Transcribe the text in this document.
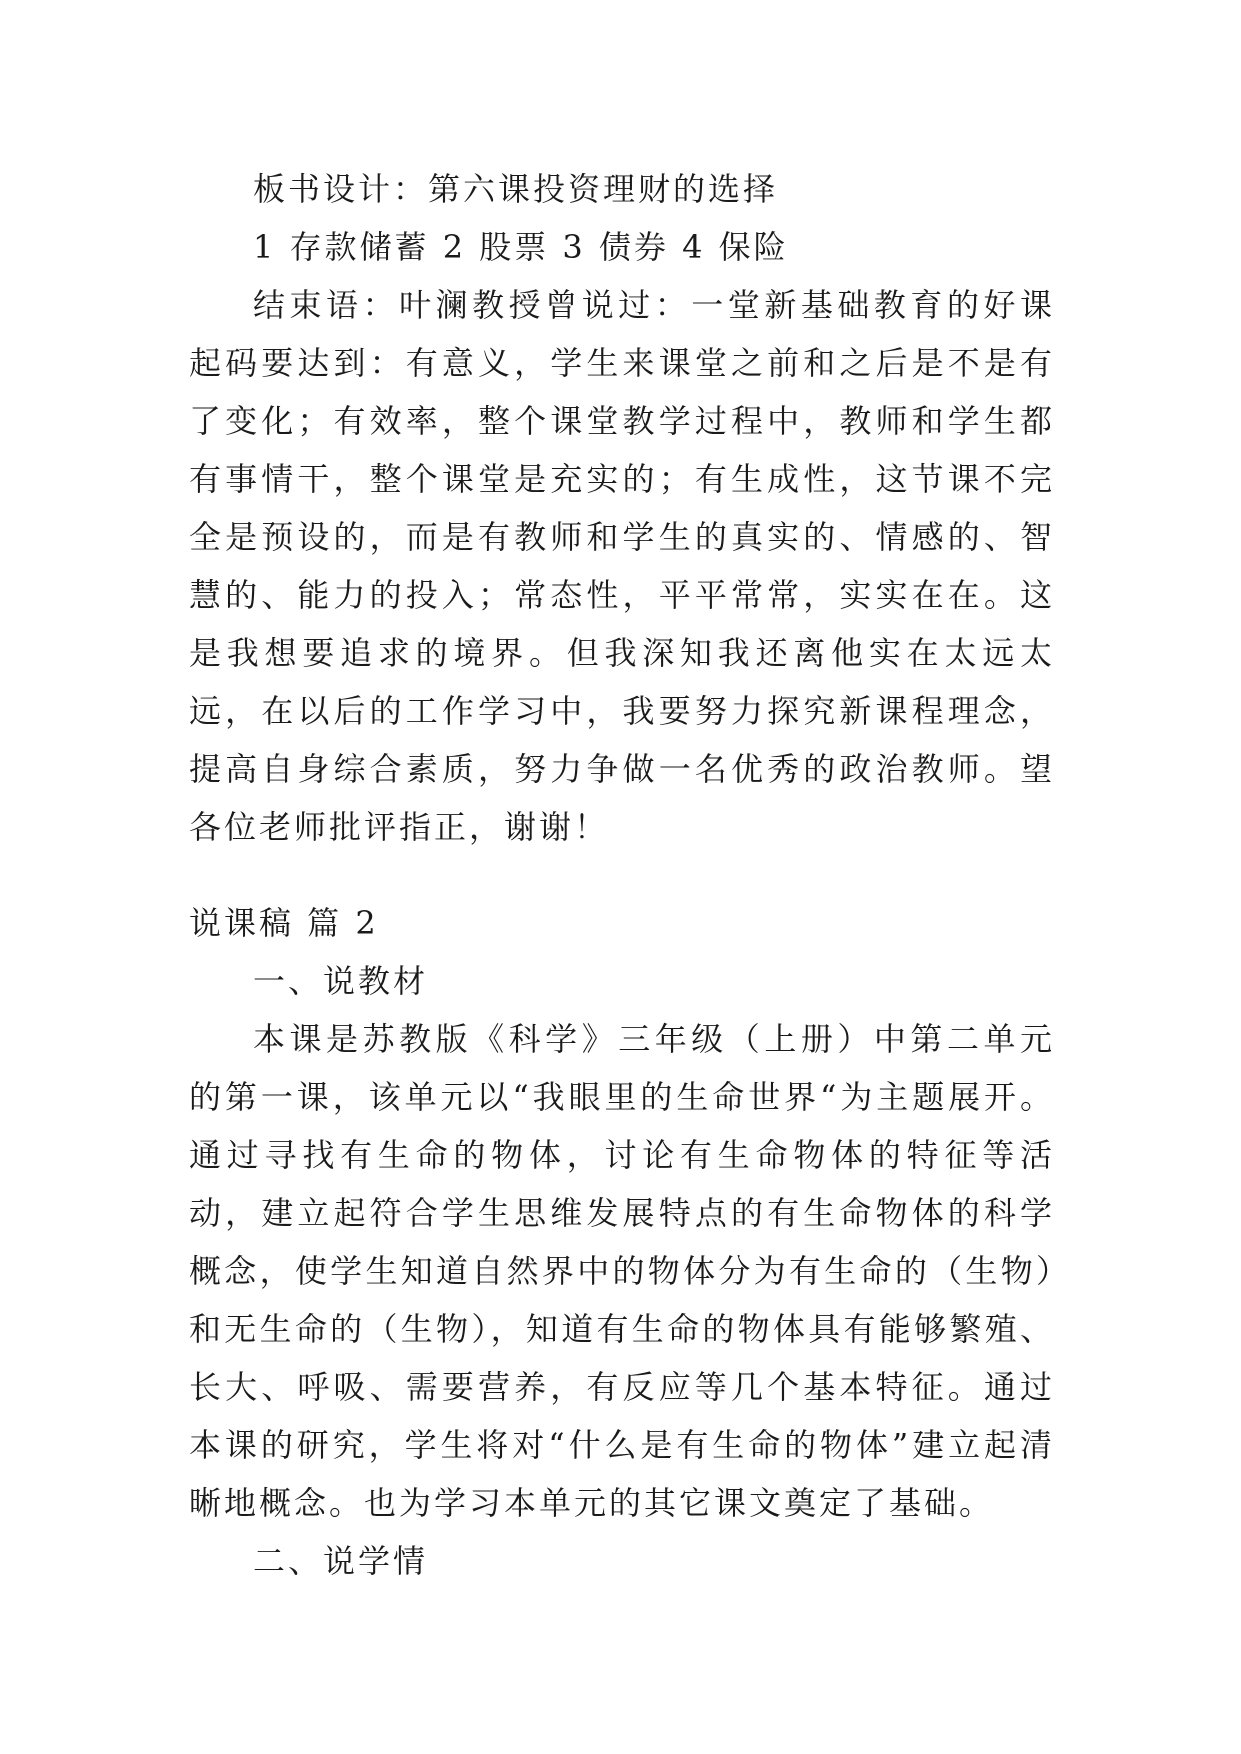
板书设计：第六课投资理财的选择
1 存款储蓄 2 股票 3 债券 4 保险

结束语：叶澜教授曾说过：一堂新基础教育的好课起码要达到：有意义，学生来课堂之前和之后是不是有了变化；有效率，整个课堂教学过程中，教师和学生都有事情干，整个课堂是充实的；有生成性，这节课不完全是预设的，而是有教师和学生的真实的、情感的、智慧的、能力的投入；常态性，平平常常，实实在在。这是我想要追求的境界。但我深知我还离他实在太远太远，在以后的工作学习中，我要努力探究新课程理念，提高自身综合素质，努力争做一名优秀的政治教师。望各位老师批评指正，谢谢！

说课稿 篇 2
一、说教材

本课是苏教版《科学》三年级（上册）中第二单元的第一课，该单元以“我眼里的生命世界“为主题展开。通过寻找有生命的物体，讨论有生命物体的特征等活动，建立起符合学生思维发展特点的有生命物体的科学概念，使学生知道自然界中的物体分为有生命的（生物）和无生命的（生物），知道有生命的物体具有能够繁殖、长大、呼吸、需要营养，有反应等几个基本特征。通过本课的研究，学生将对“什么是有生命的物体”建立起清晰地概念。也为学习本单元的其它课文奠定了基础。

二、说学情
